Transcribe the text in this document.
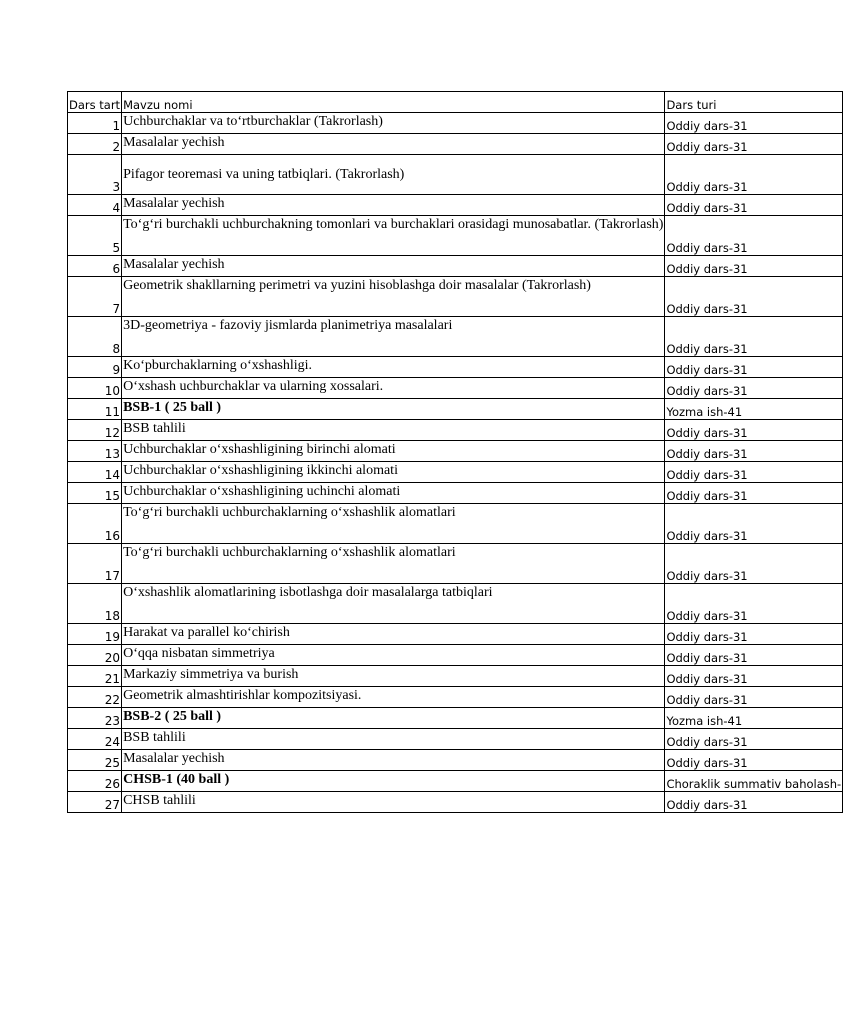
Dars tart	Mavzu nomi	Dars turi
1	Uchburchaklar va to‘rtburchaklar (Takrorlash)	Oddiy dars-31
2	Masalalar yechish	Oddiy dars-31
3	Pifagor teoremasi va uning tatbiqlari. (Takrorlash)	Oddiy dars-31
4	Masalalar yechish	Oddiy dars-31
5	To‘g‘ri burchakli uchburchakning tomonlari va burchaklari orasidagi munosabatlar. (Takrorlash)	Oddiy dars-31
6	Masalalar yechish	Oddiy dars-31
7	Geometrik shakllarning perimetri va yuzini hisoblashga doir masalalar (Takrorlash)	Oddiy dars-31
8	3D-geometriya - fazoviy jismlarda planimetriya masalalari	Oddiy dars-31
9	Ko‘pburchaklarning o‘xshashligi.	Oddiy dars-31
10	O‘xshash uchburchaklar va ularning xossalari.	Oddiy dars-31
11	BSB-1 ( 25 ball )	Yozma ish-41
12	BSB tahlili	Oddiy dars-31
13	Uchburchaklar o‘xshashligining birinchi alomati	Oddiy dars-31
14	Uchburchaklar o‘xshashligining ikkinchi alomati	Oddiy dars-31
15	Uchburchaklar o‘xshashligining uchinchi alomati	Oddiy dars-31
16	To‘g‘ri burchakli uchburchaklarning o‘xshashlik alomatlari	Oddiy dars-31
17	To‘g‘ri burchakli uchburchaklarning o‘xshashlik alomatlari	Oddiy dars-31
18	O‘xshashlik alomatlarining isbotlashga doir masalalarga tatbiqlari	Oddiy dars-31
19	Harakat va parallel ko‘chirish	Oddiy dars-31
20	O‘qqa nisbatan simmetriya	Oddiy dars-31
21	Markaziy simmetriya va burish	Oddiy dars-31
22	Geometrik almashtirishlar kompozitsiyasi.	Oddiy dars-31
23	BSB-2 ( 25 ball )	Yozma ish-41
24	BSB tahlili	Oddiy dars-31
25	Masalalar yechish	Oddiy dars-31
26	CHSB-1 (40 ball )	Choraklik summativ baholash-
27	CHSB tahlili	Oddiy dars-31
